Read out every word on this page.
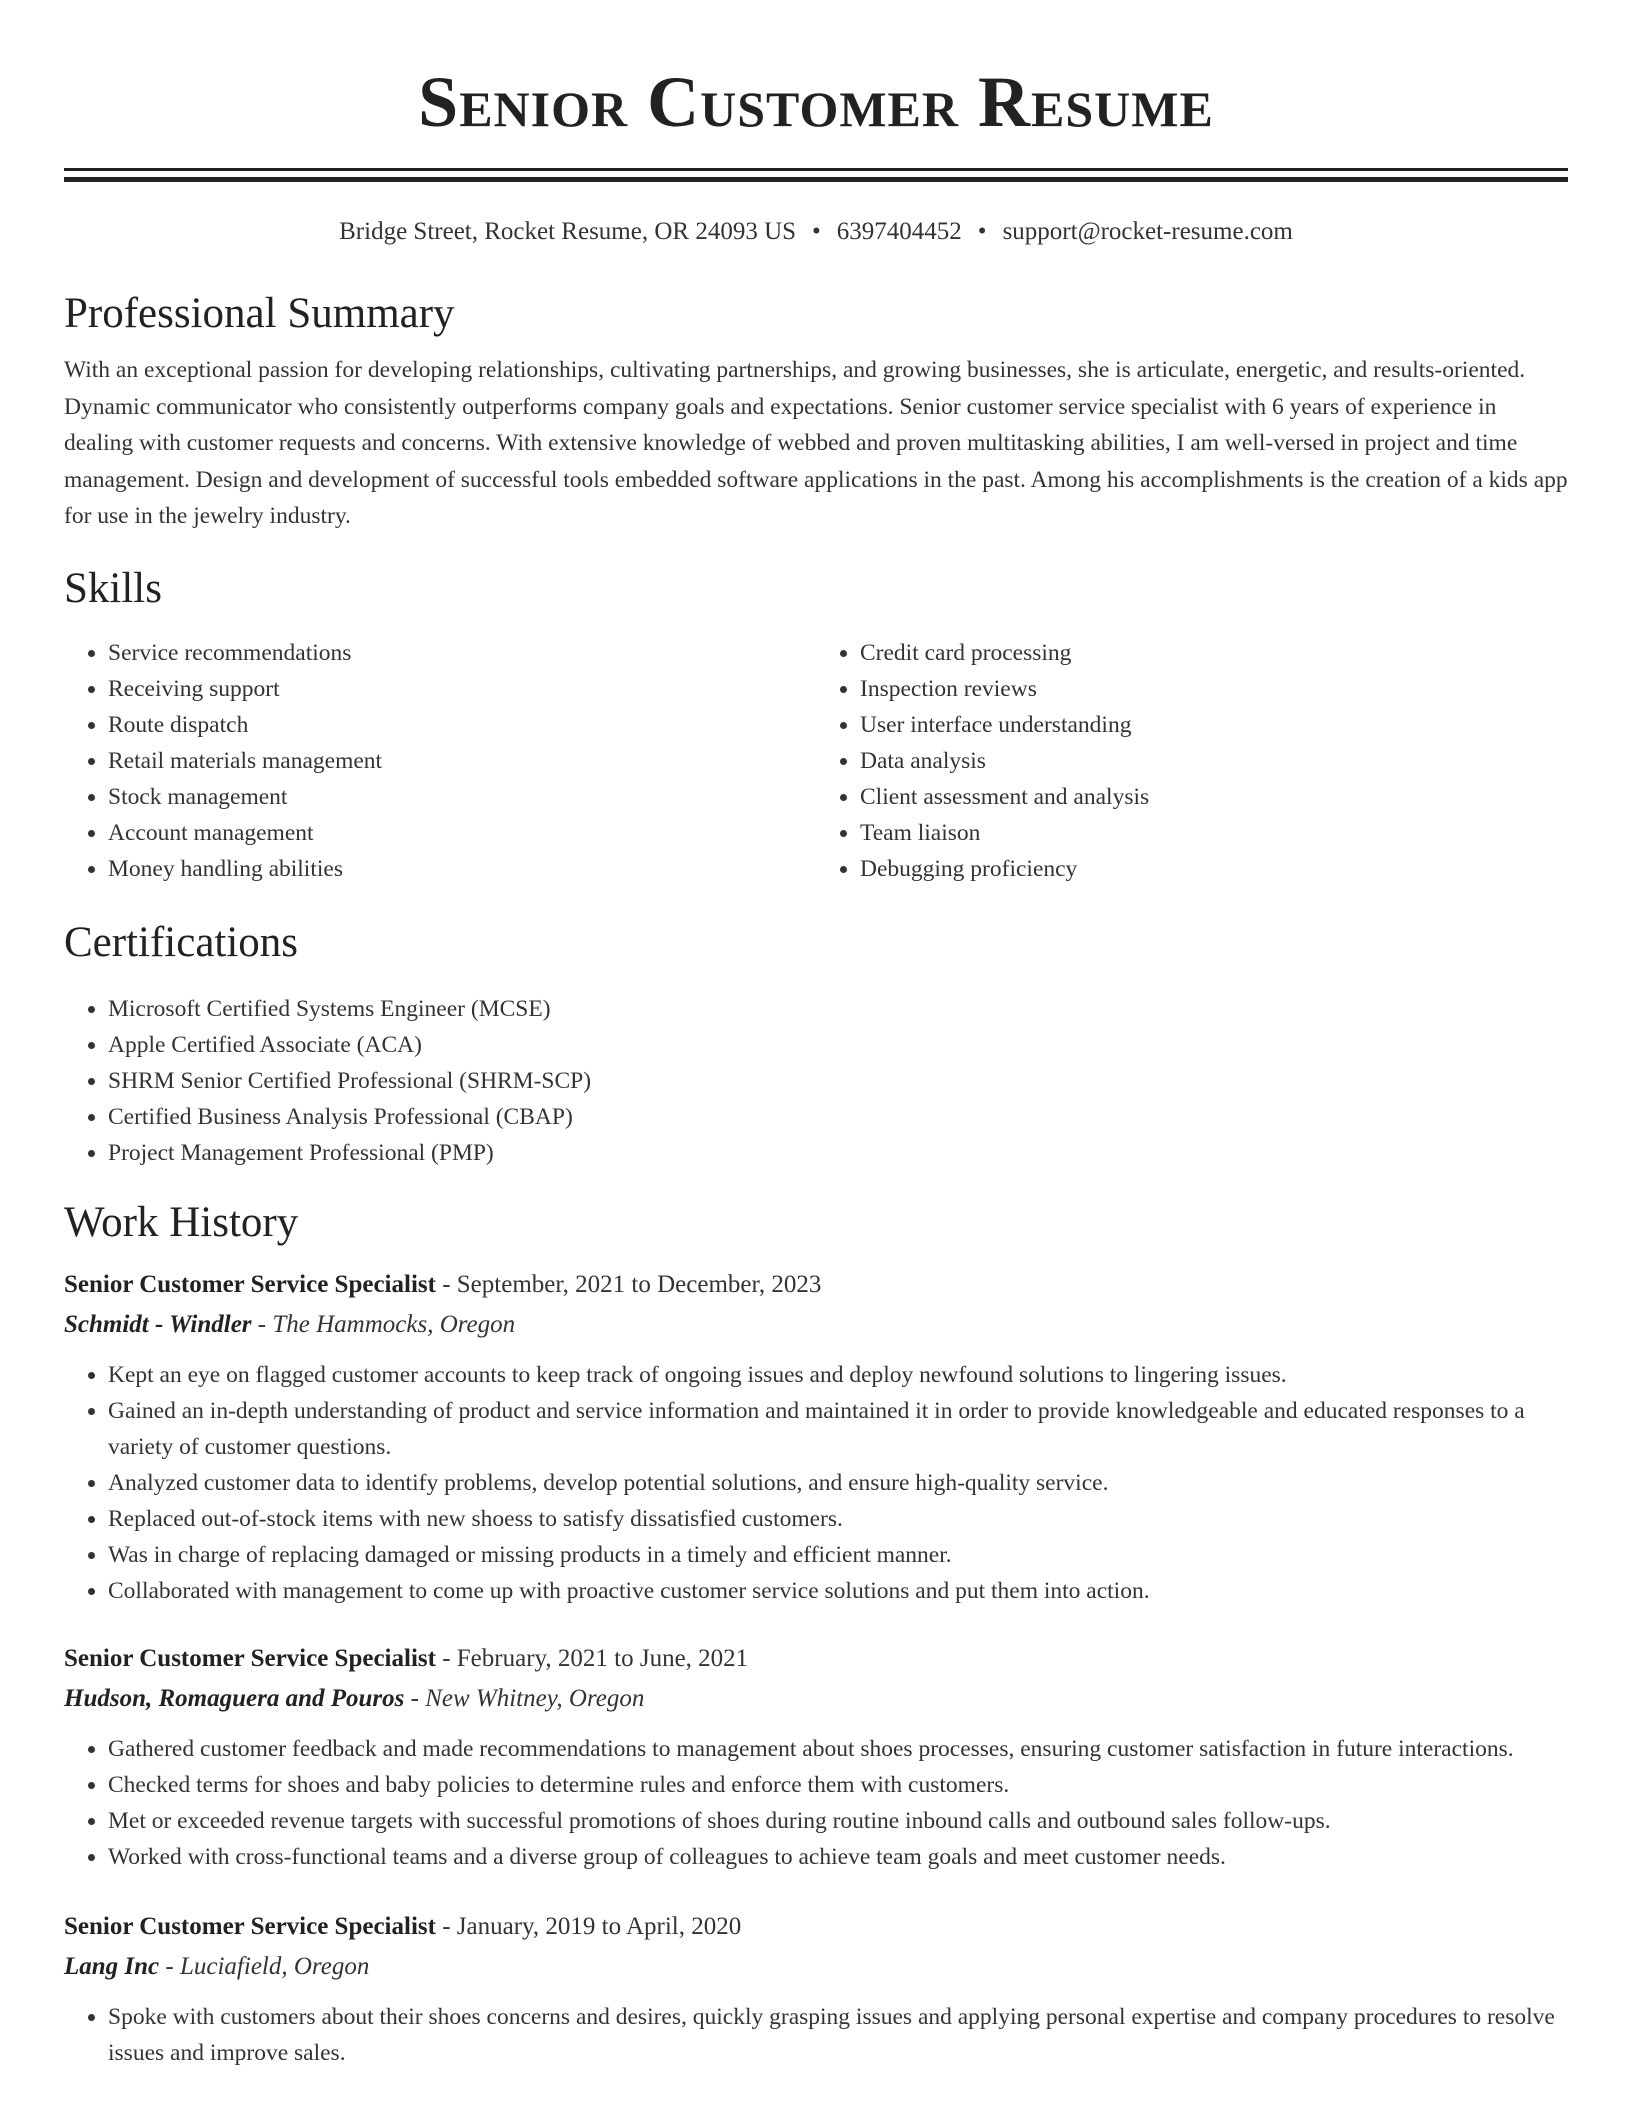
Senior Customer Resume
Bridge Street, Rocket Resume, OR 24093 US • 6397404452 • support@rocket-resume.com
Professional Summary

With an exceptional passion for developing relationships, cultivating partnerships, and growing businesses, she is articulate, energetic, and results-oriented. Dynamic communicator who consistently outperforms company goals and expectations. Senior customer service specialist with 6 years of experience in dealing with customer requests and concerns. With extensive knowledge of webbed and proven multitasking abilities, I am well-versed in project and time management. Design and development of successful tools embedded software applications in the past. Among his accomplishments is the creation of a kids app for use in the jewelry industry.

Skills
• Service recommendations
• Receiving support
• Route dispatch
• Retail materials management
• Stock management
• Account management
• Money handling abilities
• Credit card processing
• Inspection reviews
• User interface understanding
• Data analysis
• Client assessment and analysis
• Team liaison
• Debugging proficiency
Certifications
• Microsoft Certified Systems Engineer (MCSE)
• Apple Certified Associate (ACA)
• SHRM Senior Certified Professional (SHRM-SCP)
• Certified Business Analysis Professional (CBAP)
• Project Management Professional (PMP)
Work History
Senior Customer Service Specialist - September, 2021 to December, 2023
Schmidt - Windler - The Hammocks, Oregon
• Kept an eye on flagged customer accounts to keep track of ongoing issues and deploy newfound solutions to lingering issues.
• Gained an in-depth understanding of product and service information and maintained it in order to provide knowledgeable and educated responses to a variety of customer questions.
• Analyzed customer data to identify problems, develop potential solutions, and ensure high-quality service.
• Replaced out-of-stock items with new shoess to satisfy dissatisfied customers.
• Was in charge of replacing damaged or missing products in a timely and efficient manner.
• Collaborated with management to come up with proactive customer service solutions and put them into action.
Senior Customer Service Specialist - February, 2021 to June, 2021
Hudson, Romaguera and Pouros - New Whitney, Oregon
• Gathered customer feedback and made recommendations to management about shoes processes, ensuring customer satisfaction in future interactions.
• Checked terms for shoes and baby policies to determine rules and enforce them with customers.
• Met or exceeded revenue targets with successful promotions of shoes during routine inbound calls and outbound sales follow-ups.
• Worked with cross-functional teams and a diverse group of colleagues to achieve team goals and meet customer needs.
Senior Customer Service Specialist - January, 2019 to April, 2020
Lang Inc - Luciafield, Oregon
• Spoke with customers about their shoes concerns and desires, quickly grasping issues and applying personal expertise and company procedures to resolve issues and improve sales.
